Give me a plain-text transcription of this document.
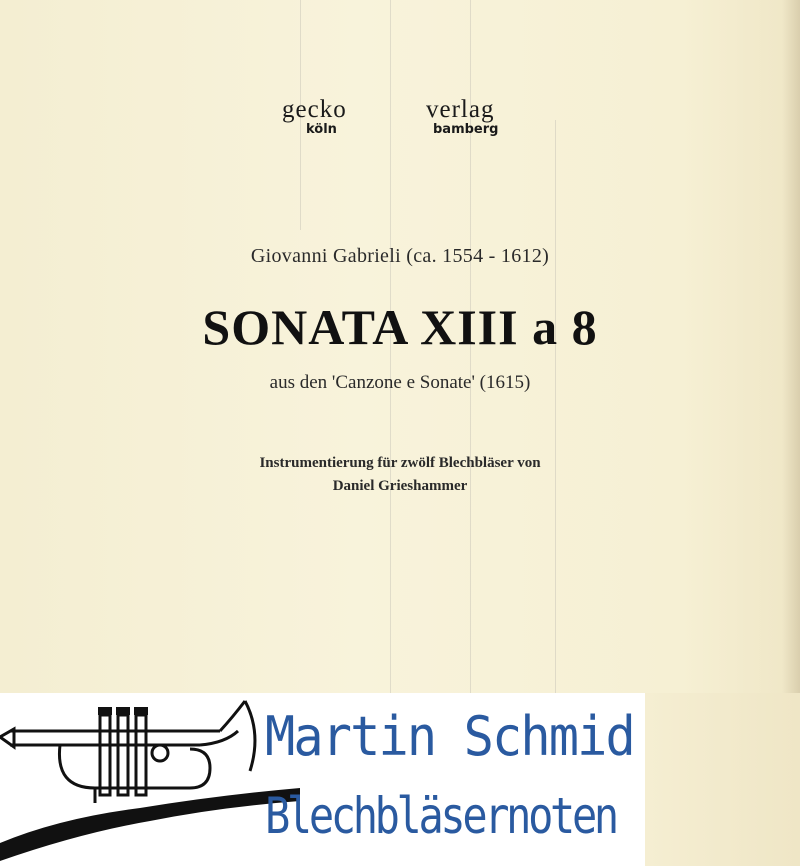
gecko	verlag
köln	bamberg
Giovanni Gabrieli (ca. 1554 - 1612)
SONATA XIII a 8
aus den 'Canzone e Sonate' (1615)
Instrumentierung für zwölf Blechbläser von
Daniel Grieshammer
Martin Schmid
Blechbläsernoten
